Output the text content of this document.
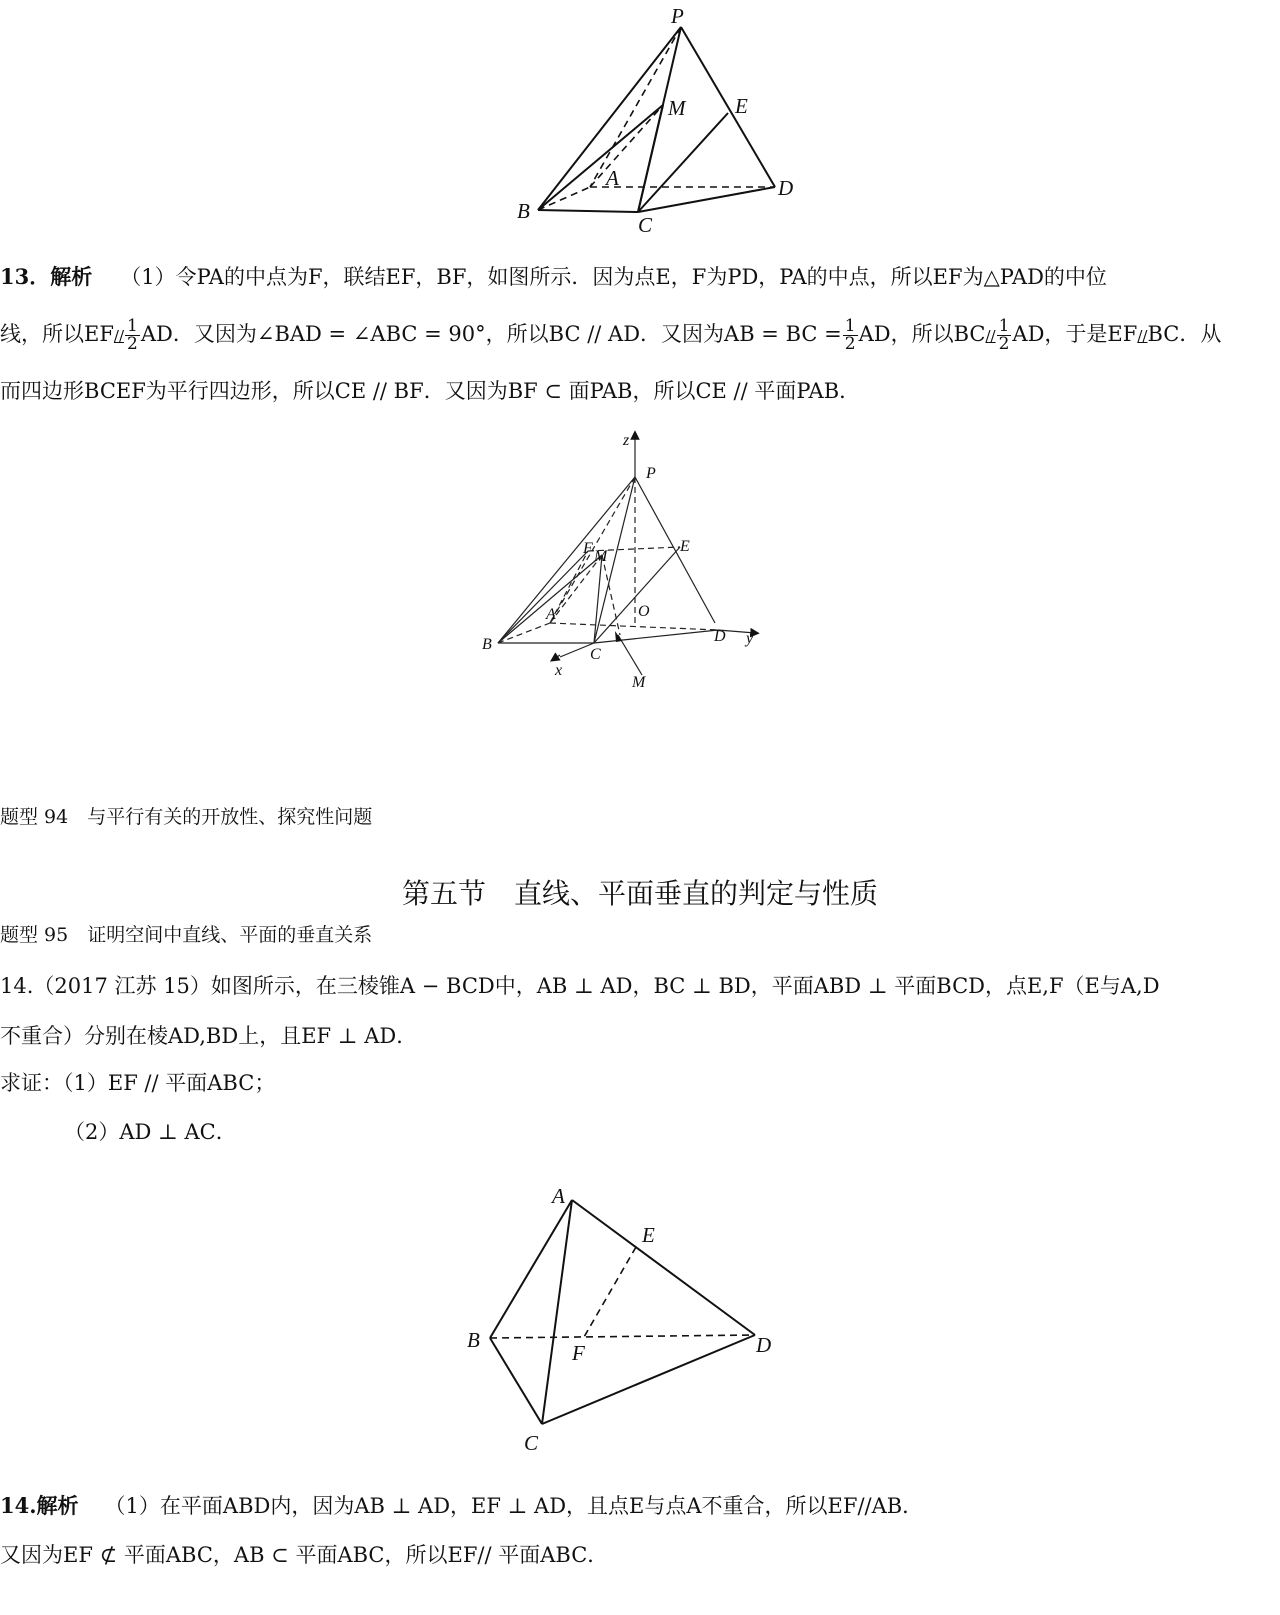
P
M E
A
B
C
D
13．解析 （1）令PA的中点为F，联结EF，BF，如图所示．因为点E，F为PD，PA的中点，所以EF为△PAD的中位
线，所以$EF// \frac{1}{2}$ AD．又因为∠BAD = ∠ABC = 90°，所以BC // AD．又因为AB = BC = $\frac{1}{2}$ AD，所以$BC// \frac{1}{2}$ AD，于是EF//BC．从
而四边形BCEF为平行四边形，所以CE // BF．又因为BF ⊂ 面PAB，所以CE // 平面PAB．
z
P
F M
E
A	O
B
C
D y
x
M
题型 94　与平行有关的开放性、探究性问题
第五节　直线、平面垂直的判定与性质
题型 95　证明空间中直线、平面的垂直关系
14.（2017 江苏 15）如图所示，在三棱锥A − BCD中，AB ⊥ AD，BC ⊥ BD，平面ABD ⊥ 平面BCD，点E,F（E与A,D
不重合）分别在棱AD,BD上，且EF ⊥ AD．
求证：（1）EF // 平面ABC；
（2）AD ⊥ AC．
A
E
B
F	D
C
14.解析 （1）在平面ABD内，因为AB ⊥ AD，EF ⊥ AD，且点E与点A不重合，所以EF//AB．
又因为EF ⊄ 平面ABC，AB ⊂ 平面ABC，所以EF// 平面ABC．
